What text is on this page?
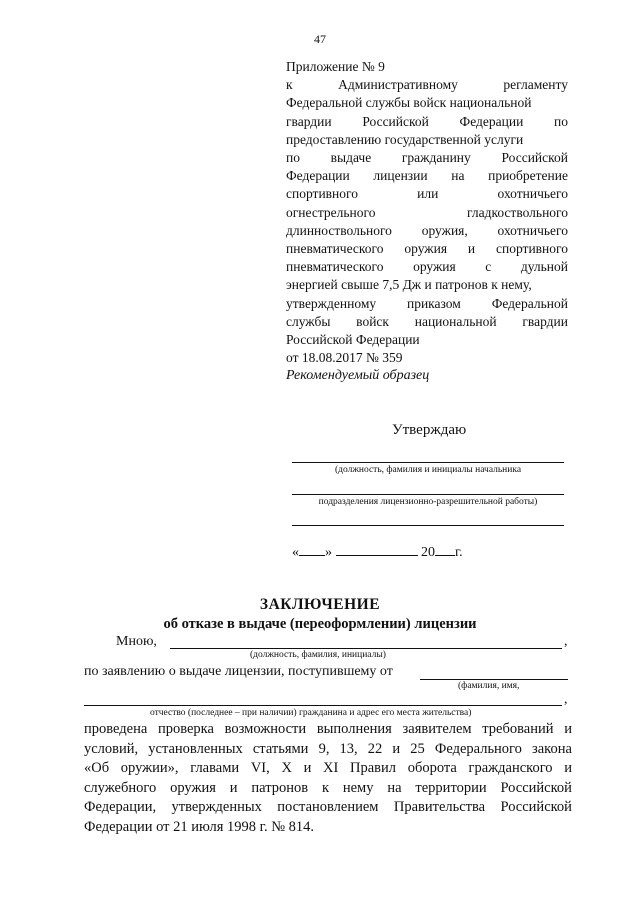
47
Приложение № 9
к	Административному	регламенту
Федеральной службы войск национальной
гвардии Российской Федерации по
предоставлению государственной услуги
по выдаче гражданину Российской
Федерации лицензии на приобретение
спортивного	или	охотничьего
огнестрельного	гладкоствольного
длинноствольного оружия, охотничьего
пневматического оружия и спортивного
пневматического оружия с дульной
энергией свыше 7,5 Дж и патронов к нему,
утвержденному приказом Федеральной
службы войск национальной гвардии
Российской Федерации
от 18.08.2017 № 359
Рекомендуемый образец
Утверждаю
(должность, фамилия и инициалы начальника
подразделения лицензионно-разрешительной работы)
« »	20 г.
ЗАКЛЮЧЕНИЕ
об отказе в выдаче (переоформлении) лицензии
Мною,	,
(должность, фамилия, инициалы)
по заявлению о выдаче лицензии, поступившему от
(фамилия, имя,
,
отчество (последнее – при наличии) гражданина и адрес его места жительства)
проведена проверка возможности выполнения заявителем требований и
условий, установленных статьями 9, 13, 22 и 25 Федерального закона
«Об оружии», главами VI, X и XI Правил оборота гражданского и
служебного оружия и патронов к нему на территории Российской
Федерации, утвержденных постановлением Правительства Российской
Федерации от 21 июля 1998 г. № 814.
